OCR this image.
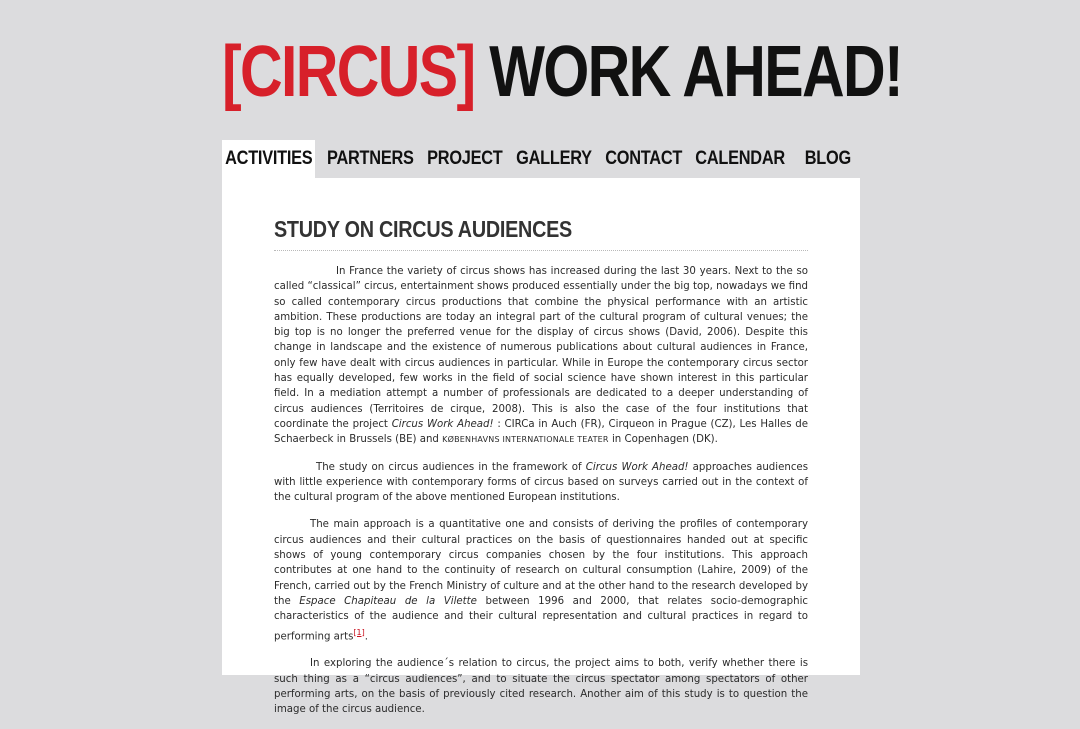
[CIRCUS] WORK AHEAD!
ACTIVITIES PARTNERS PROJECT GALLERY CONTACT CALENDAR BLOG
STUDY ON CIRCUS AUDIENCES

In France the variety of circus shows has increased during the last 30 years. Next to the so called “classical” circus, entertainment shows produced essentially under the big top, nowadays we find so called contemporary circus productions that combine the physical performance with an artistic ambition. These productions are today an integral part of the cultural program of cultural venues; the big top is no longer the preferred venue for the display of circus shows (David, 2006). Despite this change in landscape and the existence of numerous publications about cultural audiences in France, only few have dealt with circus audiences in particular. While in Europe the contemporary circus sector has equally developed, few works in the field of social science have shown interest in this particular field. In a mediation attempt a number of professionals are dedicated to a deeper understanding of circus audiences (Territoires de cirque, 2008). This is also the case of the four institutions that coordinate the project Circus Work Ahead! : CIRCa in Auch (FR), Cirqueon in Prague (CZ), Les Halles de Schaerbeck in Brussels (BE) and KØBENHAVNS INTERNATIONALE TEATER in Copenhagen (DK).

The study on circus audiences in the framework of Circus Work Ahead! approaches audiences with little experience with contemporary forms of circus based on surveys carried out in the context of the cultural program of the above mentioned European institutions.

The main approach is a quantitative one and consists of deriving the profiles of contemporary circus audiences and their cultural practices on the basis of questionnaires handed out at specific shows of young contemporary circus companies chosen by the four institutions. This approach contributes at one hand to the continuity of research on cultural consumption (Lahire, 2009) of the French, carried out by the French Ministry of culture and at the other hand to the research developed by the Espace Chapiteau de la Vilette between 1996 and 2000, that relates socio-demographic characteristics of the audience and their cultural representation and cultural practices in regard to performing arts[1].

In exploring the audience´s relation to circus, the project aims to both, verify whether there is such thing as a “circus audiences”, and to situate the circus spectator among spectators of other performing arts, on the basis of previously cited research. Another aim of this study is to question the image of the circus audience.
